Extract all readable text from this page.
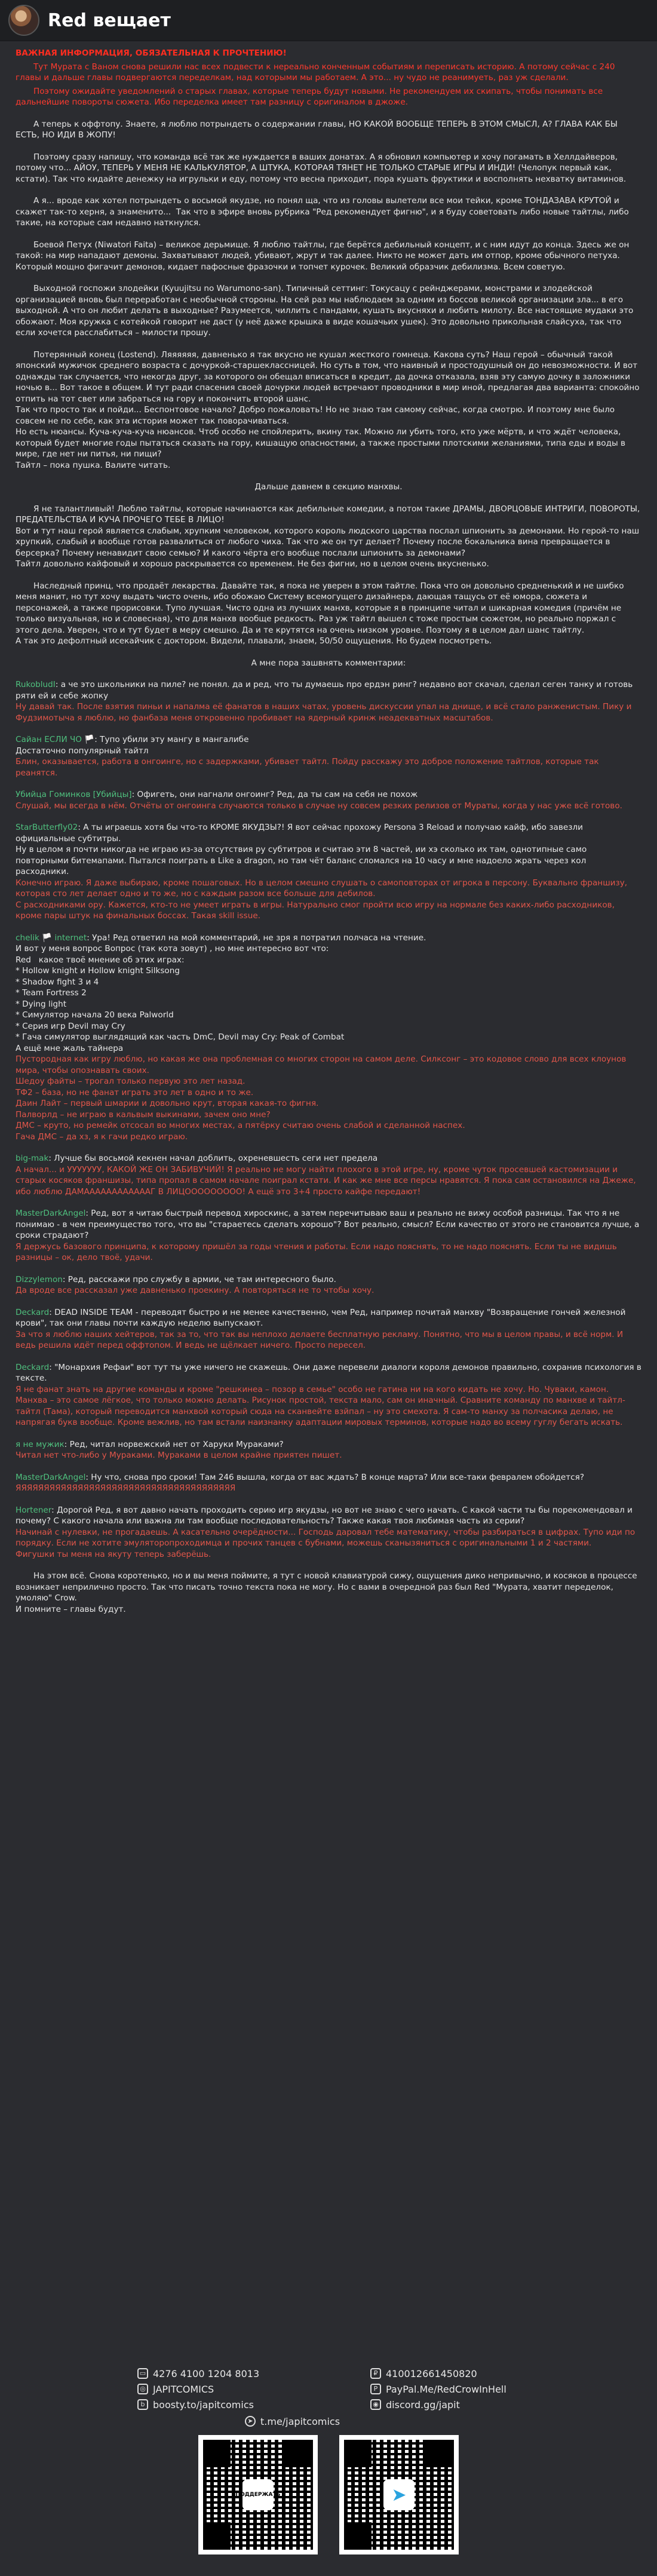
Red вещает
ВАЖНАЯ ИНФОРМАЦИЯ, ОБЯЗАТЕЛЬНАЯ К ПРОЧТЕНИЮ!
Тут Мурата с Ваном снова решили нас всех подвести к нереально конченным событиям и переписать историю. А потому сейчас с 240 главы и дальше главы подвергаются переделкам, над которыми мы работаем. А это... ну чудо не реанимуеть, раз уж сделали.
Поэтому ожидайте уведомлений о старых главах, которые теперь будут новыми. Не рекомендуем их скипать, чтобы понимать все дальнейшие повороты сюжета. Ибо переделка имеет там разницу с оригиналом в джоже.
А теперь к оффтопу. Знаете, я люблю потрындеть о содержании главы, НО КАКОЙ ВООБЩЕ ТЕПЕРЬ В ЭТОМ СМЫСЛ, А? ГЛАВА КАК БЫ ЕСТЬ, НО ИДИ В ЖОПУ!
Поэтому сразу напишу, что команда всё так же нуждается в ваших донатах. А я обновил компьютер и хочу погамать в Хеллдайверов, потому что... АЙОУ, ТЕПЕРЬ У МЕНЯ НЕ КАЛЬКУЛЯТОР, А ШТУКА, КОТОРАЯ ТЯНЕТ НЕ ТОЛЬКО СТАРЫЕ ИГРЫ И ИНДИ! (Челопук первый как, кстати). Так что кидайте денежку на игрульки и еду, потому что весна приходит, пора кушать фруктики и восполнять нехватку витаминов.
А я... вроде как хотел потрындеть о восьмой якудзе, но понял ща, что из головы вылетели все мои тейки, кроме ТОНДАЗАВА КРУТОЙ и скажет так-то херня, а знаменито...  Так что в эфире вновь рубрика "Ред рекомендует фигню", и я буду советовать либо новые тайтлы, либо такие, на которые сам недавно наткнулся.
Боевой Петух (Niwatori Faita) – великое дерьмище. Я люблю тайтлы, где берётся дебильный концепт, и с ним идут до конца. Здесь же он такой: на мир нападают демоны. Захватывают людей, убивают, жрут и так далее. Никто не может дать им отпор, кроме обычного петуха. Который мощно фигачит демонов, кидает пафосные фразочки и топчет курочек. Великий образчик дебилизма. Всем советую.
Выходной госпожи злодейки (Kyuujitsu no Warumono-san). Типичный сеттинг: Токусацу с рейнджерами, монстрами и злодейской организацией вновь был переработан с необычной стороны. На сей раз мы наблюдаем за одним из боссов великой организации зла... в его выходной. А что он любит делать в выходные? Разумеется, чиллить с пандами, кушать вкусняхи и любить милоту. Все настоящие мудаки это обожают. Моя кружка с котейкой говорит не даст (у неё даже крышка в виде кошачьих ушек). Это довольно прикольная слайсуха, так что если хочется расслабиться – милости прошу.
Потерянный конец (Lostend). Ляяяяяя, давненько я так вкусно не кушал жесткого гомнеца. Какова суть? Наш герой – обычный такой японский мужичок среднего возраста с дочуркой-старшеклассницей. Но суть в том, что наивный и простодушный он до невозможности. И вот однажды так случается, что некогда друг, за которого он обещал вписаться в кредит, да дочка отказала, взяв эту самую дочку в заложники ночью в... Вот такое в общем. И тут ради спасения своей дочурки людей встречают проводники в мир иной, предлагая два варианта: спокойно отпить на тот свет или забраться на гору и покончить второй шанс.
Так что просто так и пойди... Беспонтовое начало? Добро пожаловать! Но не знаю там самому сейчас, когда смотрю. И поэтому мне было совсем не по себе, как эта история может так поворачиваться.
Но есть нюансы. Куча-куча-куча нюансов. Чтоб особо не спойлерить, вкину так. Можно ли убить того, кто уже мёртв, и что ждёт человека, который будет многие годы пытаться сказать на гору, кишащую опасностями, а также простыми плотскими желаниями, типа еды и воды в мире, где нет ни питья, ни пищи?
Тайтл – пока пушка. Валите читать.
Дальше давнем в секцию манхвы.
Я не талантливый! Люблю тайтлы, которые начинаются как дебильные комедии, а потом такие ДРАМЫ, ДВОРЦОВЫЕ ИНТРИГИ, ПОВОРОТЫ, ПРЕДАТЕЛЬСТВА И КУЧА ПРОЧЕГО ТЕБЕ В ЛИЦО!
Вот и тут наш герой является слабым, хрупким человеком, которого король людского царства послал шпионить за демонами. Но герой-то наш хрупкий, слабый и вообще готов развалиться от любого чиха. Так что же он тут делает? Почему после бокальника вина превращается в берсерка? Почему ненавидит свою семью? И какого чёрта его вообще послали шпионить за демонами?
Тайтл довольно кайфовый и хорошо раскрывается со временем. Не без фигни, но в целом очень вкусненько.
Наследный принц, что продаёт лекарства. Давайте так, я пока не уверен в этом тайтле. Пока что он довольно средненький и не шибко меня манит, но тут хочу выдать чисто очень, ибо обожаю Систему всемогущего дизайнера, дающая тащусь от её юмора, сюжета и персонажей, а также прорисовки. Тупо лучшая. Чисто одна из лучших манхв, которые я в принципе читал и шикарная комедия (причём не только визуальная, но и словесная), что для манхв вообще редкость. Раз уж тайтл вышел с тоже простым сюжетом, но реально поржал с этого дела. Уверен, что и тут будет в меру смешно. Да и те крутятся на очень низком уровне. Поэтому я в целом дал шанс тайтлу.
А так это дефолтный исекайчик с доктором. Видели, плавали, знаем, 50/50 ощущения. Но будем посмотреть.
А мне пора зашвнять комментарии:
RukobludI: а че это школьники на пиле? не понял. да и ред, что ты думаешь про ердэн ринг? недавно вот скачал, сделал сеген танку и готовь ряти ей и себе жопку
Ну давай так. После взятия пиньи и напалма её фанатов в наших чатах, уровень дискуссии упал на днище, и всё стало ранженистым. Пику и Фудзимотыча я люблю, но фанбаза меня откровенно пробивает на ядерный кринж неадекватных масштабов.
Сайан ЕСЛИ ЧО 🏳️: Тупо убили эту мангу в мангалибе
Достаточно популярный тайтл
Блин, оказывается, работа в онгоинге, но с задержками, убивает тайтл. Пойду расскажу это доброе положение тайтлов, которые так реанятся.
Убийца Гоминков [Убийцы]: Офигеть, они нагнали онгоинг? Ред, да ты сам на себя не похож
Слушай, мы всегда в нём. Отчёты от онгоинга случаются только в случае ну совсем резких релизов от Мураты, когда у нас уже всё готово.
StarButterfly02: А ты играешь хотя бы что-то КРОМЕ ЯКУДЗЫ?! Я вот сейчас прохожу Persona 3 Reload и получаю кайф, ибо завезли официальные субтитры.
Ну в целом я почти никогда не играю из-за отсутствия ру субтитров и считаю эти 8 частей, ии хэ сколько их там, однотипные само повторными битемапами. Пытался поиграть в Like a dragon, но там чёт баланс сломался на 10 часу и мне надоело жрать через кол расходники.
Конечно играю. Я даже выбираю, кроме пошаговых. Но в целом смешно слушать о самоповторах от игрока в персону. Буквально франшизу, которая сто лет делает одно и то же, но с каждым разом все больше для дебилов.
С расходниками ору. Кажется, кто-то не умеет играть в игры. Натурально смог пройти всю игру на нормале без каких-либо расходников, кроме пары штук на финальных боссах. Такая skill issue.
chelik 🏳️ internet: Ура! Ред ответил на мой комментарий, не зря я потратил полчаса на чтение.
И вот у меня вопрос Вопрос (так кота зовут) , но мне интересно вот что:
Red   какое твоё мнение об этих играх:
* Hollow knight и Hollow knight Silksong
* Shadow fight 3 и 4
* Team Fortress 2
* Dying light
* Симулятор начала 20 века Palworld
* Серия игр Devil may Cry
* Гача симулятор выглядящий как часть DmC, Devil may Cry: Peak of Combat
А ещё мне жаль тайнера
Пустородная как игру люблю, но какая же она проблемная со многих сторон на самом деле. Силксонг – это кодовое слово для всех клоунов мира, чтобы опознавать своих.
Шедоу файты – трогал только первую это лет назад.
ТФ2 – база, но не фанат играть это лет в одно и то же.
Даин Лайт – первый шмарии и довольно крут, вторая какая-то фигня.
Палворлд – не играю в кальвым выкинами, зачем оно мне?
ДМС – круто, но ремейк отсосал во многих местах, а пятёрку считаю очень слабой и сделанной наспех.
Гача ДМС – да хз, я к гачи редко играю.
big-mak: Лучше бы восьмой кекнен начал доблить, охреневшесть сеги нет предела
А начал... и УУУУУУУ, КАКОЙ ЖЕ ОН ЗАБИВУЧИЙ! Я реально не могу найти плохого в этой игре, ну, кроме чуток просевшей кастомизации и старых косяков франшизы, типа пропал в самом начале поиграл кстати. И как же мне все персы нравятся. Я пока сам остановился на Джеже, ибо люблю ДАМААААААААААААГ В ЛИЦООООООООО! А ещё это 3+4 просто кайфе передают!
MasterDarkAngel: Ред, вот я читаю быстрый перевод хироскинс, а затем перечитываю ваш и реально не вижу особой разницы. Так что я не понимаю - в чем преимущество того, что вы "стараетесь сделать хорошо"? Вот реально, смысл? Если качество от этого не становится лучше, а сроки страдают?
Я держусь базового принципа, к которому пришёл за годы чтения и работы. Если надо пояснять, то не надо пояснять. Если ты не видишь разницы – ок, дело твоё, удачи.
Dizzylemon: Ред, расскажи про службу в армии, че там интересного было.
Да вроде все рассказал уже давненько проекину. А повторяться не то чтобы хочу.
Deckard: DEAD INSIDE TEAM - переводят быстро и не менее качественно, чем Ред, например почитай манхву "Возвращение гончей железной крови", так они главы почти каждую неделю выпускают.
За что я люблю наших хейтеров, так за то, что так вы неплохо делаете бесплатную рекламу. Понятно, что мы в целом правы, и всё норм. И ведь решила идёт перед оффтопом. И ведь не щёлкает ничего. Просто пересел.
Deckard: "Монархия Рефаи" вот тут ты уже ничего не скажешь. Они даже перевели диалоги короля демонов правильно, сохранив психология в тексте.
Я не фанат знать на другие команды и кроме "решкинеа – позор в семье" особо не гатина ни на кого кидать не хочу. Но. Чуваки, камон. Манхва – это самое лёгкое, что только можно делать. Рисунок простой, текста мало, сам он иначный. Сравните команду по манхве и тайтл-тайтл (Тама), который переводится манхвой который сюда на сканвейте взйпал – ну это смехота. Я сам-то манху за полчасика делаю, не напрягая букв вообще. Кроме вежлив, но там встали наизнанку адаптации мировых терминов, которые надо во всему гуглу бегать искать.
я не мужик: Ред, читал норвежский нет от Харуки Мураками?
Читал нет что-либо у Мураками. Мураками в целом крайне приятен пишет.
MasterDarkAngel: Ну что, снова про сроки! Там 246 вышла, когда от вас ждать? В конце марта? Или все-таки февралем обойдется?
ЯЯЯЯЯЯЯЯЯЯЯЯЯЯЯЯЯЯЯЯЯЯЯЯЯЯЯЯЯЯЯЯЯЯЯЯЯЯЯ
Hortener: Дорогой Ред, я вот давно начать проходить серию игр якудзы, но вот не знаю с чего начать. С какой части ты бы порекомендовал и почему? С какого начала или важна ли там вообще последовательность? Также какая твоя любимая часть из серии?
Начинай с нулевки, не прогадаешь. А касательно очерёдности... Господь даровал тебе математику, чтобы разбираться в цифрах. Тупо иди по порядку. Если не хотите эмуляторопроходимца и прочих танцев с бубнами, можешь сканызяниться с оригинальными 1 и 2 частями.
Фигушки ты меня на якуту теперь заберёшь.
На этом всё. Снова коротенько, но и вы меня поймите, я тут с новой клавиатурой сижу, ощущения дико непривычно, и косяков в процессе возникает неприлично просто. Так что писать точно текста пока не могу. Но с вами в очередной раз был Red "Мурата, хватит переделок, умоляю" Crow.
И помните – главы будут.
▭ 4276 4100 1204 8013
◎ JAPITCOMICS
b boosty.to/japitcomics
₽ 410012661450820
P PayPal.Me/RedCrowInHell
◉ discord.gg/japit
➤ t.me/japitcomics
ПОДДЕРЖАТЬ	➤
